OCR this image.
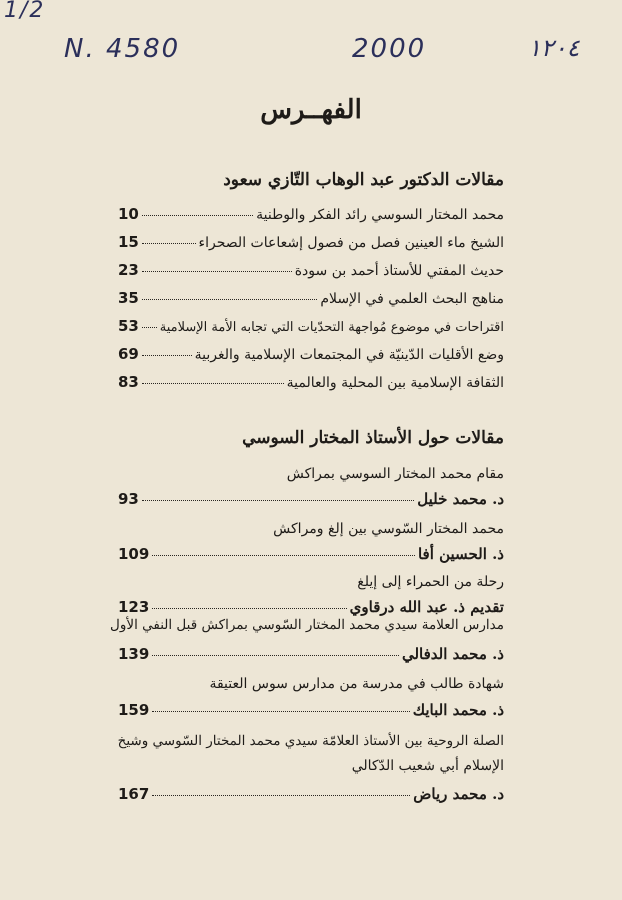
1/2
N. 4580	2000	١٢٠٤
الفهــرس
مقالات الدكتور عبد الوهاب التّازي سعود
محمد المختار السوسي رائد الفكر والوطنية
10
الشيخ ماء العينين فصل من فصول إشعاعات الصحراء
15
حديث المفتي للأستاذ أحمد بن سودة
23
مناهج البحث العلمي في الإسلام
35
اقتراحات في موضوع مُواجهة التحدّيات التي تجابه الأمة الإسلامية
53
وضع الأقليات الدّينيّة في المجتمعات الإسلامية والغربية
69
الثقافة الإسلامية بين المحلية والعالمية
83
مقالات حول الأستاذ المختار السوسي
مقام محمد المختار السوسي بمراكش
د. محمد خليل
93
محمد المختار السّوسي بين إلغ ومراكش
ذ. الحسين أفا
109
رحلة من الحمراء إلى إيلغ
تقديم ذ. عبد الله درقاوي
123
مدارس العلامة سيدي محمد المختار السّوسي بمراكش قبل النفي الأول
ذ. محمد الدفالي
139
شهادة طالب في مدرسة من مدارس سوس العتيقة
ذ. محمد البايك
159
الصلة الروحية بين الأستاذ العلامّة سيدي محمد المختار السّوسي وشيخ
الإسلام أبي شعيب الدّكالي
د. محمد رياض
167
